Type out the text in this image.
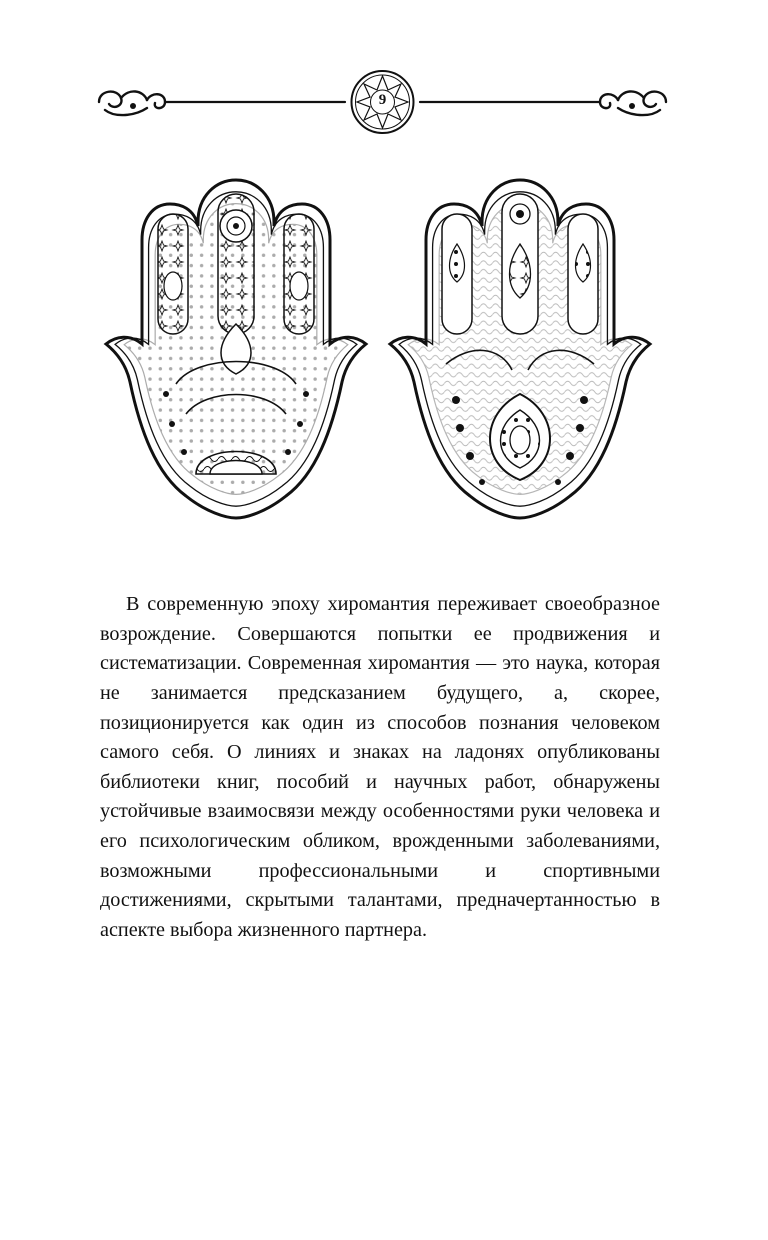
9

В современную эпоху хиромантия переживает своеобразное возрождение. Совершаются попытки ее продвижения и систематизации. Современная хиромантия — это наука, которая не занимается предсказанием будущего, а, скорее, позиционируется как один из способов познания человеком самого себя. О линиях и знаках на ладонях опубликованы библиотеки книг, пособий и научных работ, обнаружены устойчивые взаимосвязи между особенностями руки человека и его психологическим обликом, врожденными заболеваниями, возможными профессиональными и спортивными достижениями, скрытыми талантами, предначертанностью в аспекте выбора жизненного партнера.
